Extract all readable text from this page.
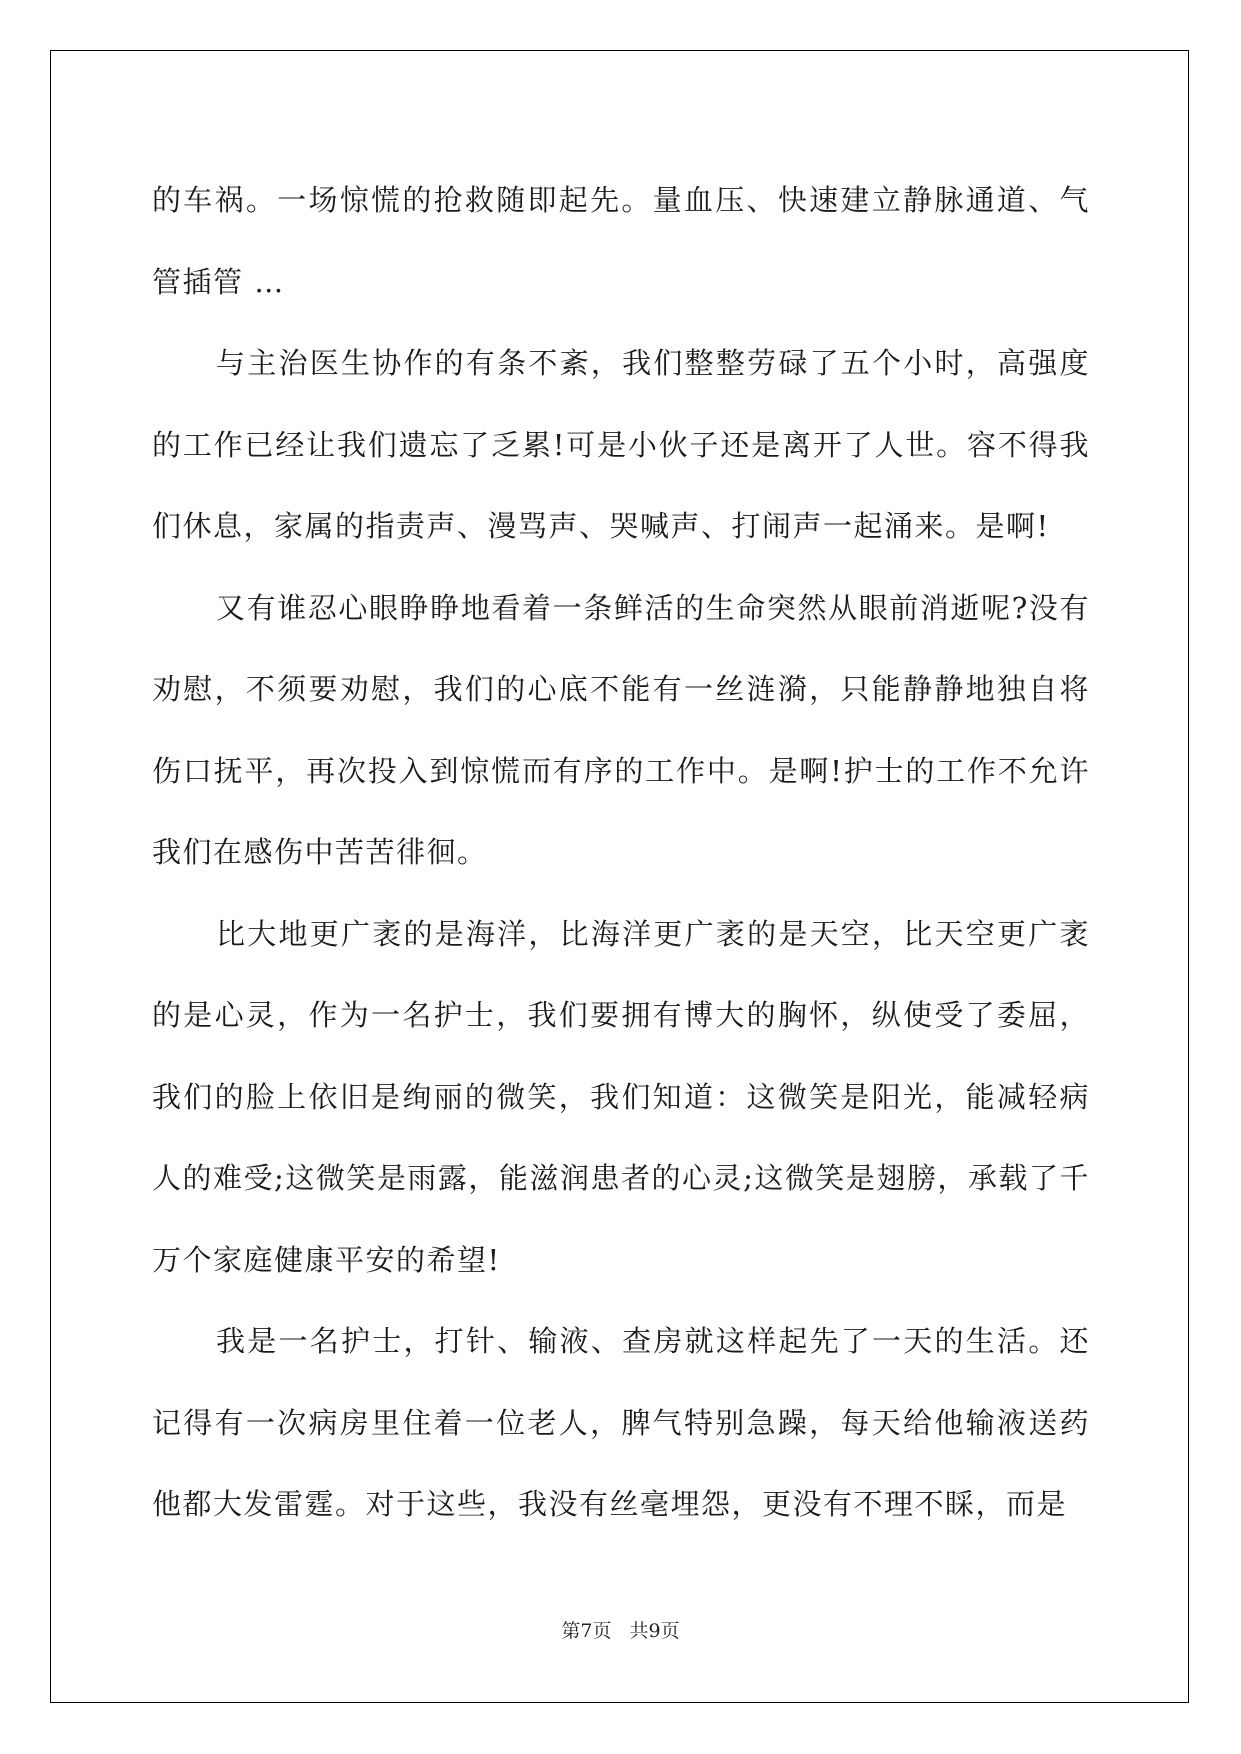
的车祸。一场惊慌的抢救随即起先。量血压、快速建立静脉通道、气管插管 …

与主治医生协作的有条不紊，我们整整劳碌了五个小时，高强度的工作已经让我们遗忘了乏累!可是小伙子还是离开了人世。容不得我们休息，家属的指责声、漫骂声、哭喊声、打闹声一起涌来。是啊!

又有谁忍心眼睁睁地看着一条鲜活的生命突然从眼前消逝呢?没有劝慰，不须要劝慰，我们的心底不能有一丝涟漪，只能静静地独自将伤口抚平，再次投入到惊慌而有序的工作中。是啊!护士的工作不允许我们在感伤中苦苦徘徊。

比大地更广袤的是海洋，比海洋更广袤的是天空，比天空更广袤的是心灵，作为一名护士，我们要拥有博大的胸怀，纵使受了委屈，我们的脸上依旧是绚丽的微笑，我们知道：这微笑是阳光，能减轻病人的难受;这微笑是雨露，能滋润患者的心灵;这微笑是翅膀，承载了千万个家庭健康平安的希望!

我是一名护士，打针、输液、查房就这样起先了一天的生活。还记得有一次病房里住着一位老人，脾气特别急躁，每天给他输液送药他都大发雷霆。对于这些，我没有丝毫埋怨，更没有不理不睬，而是

第7页 共9页
